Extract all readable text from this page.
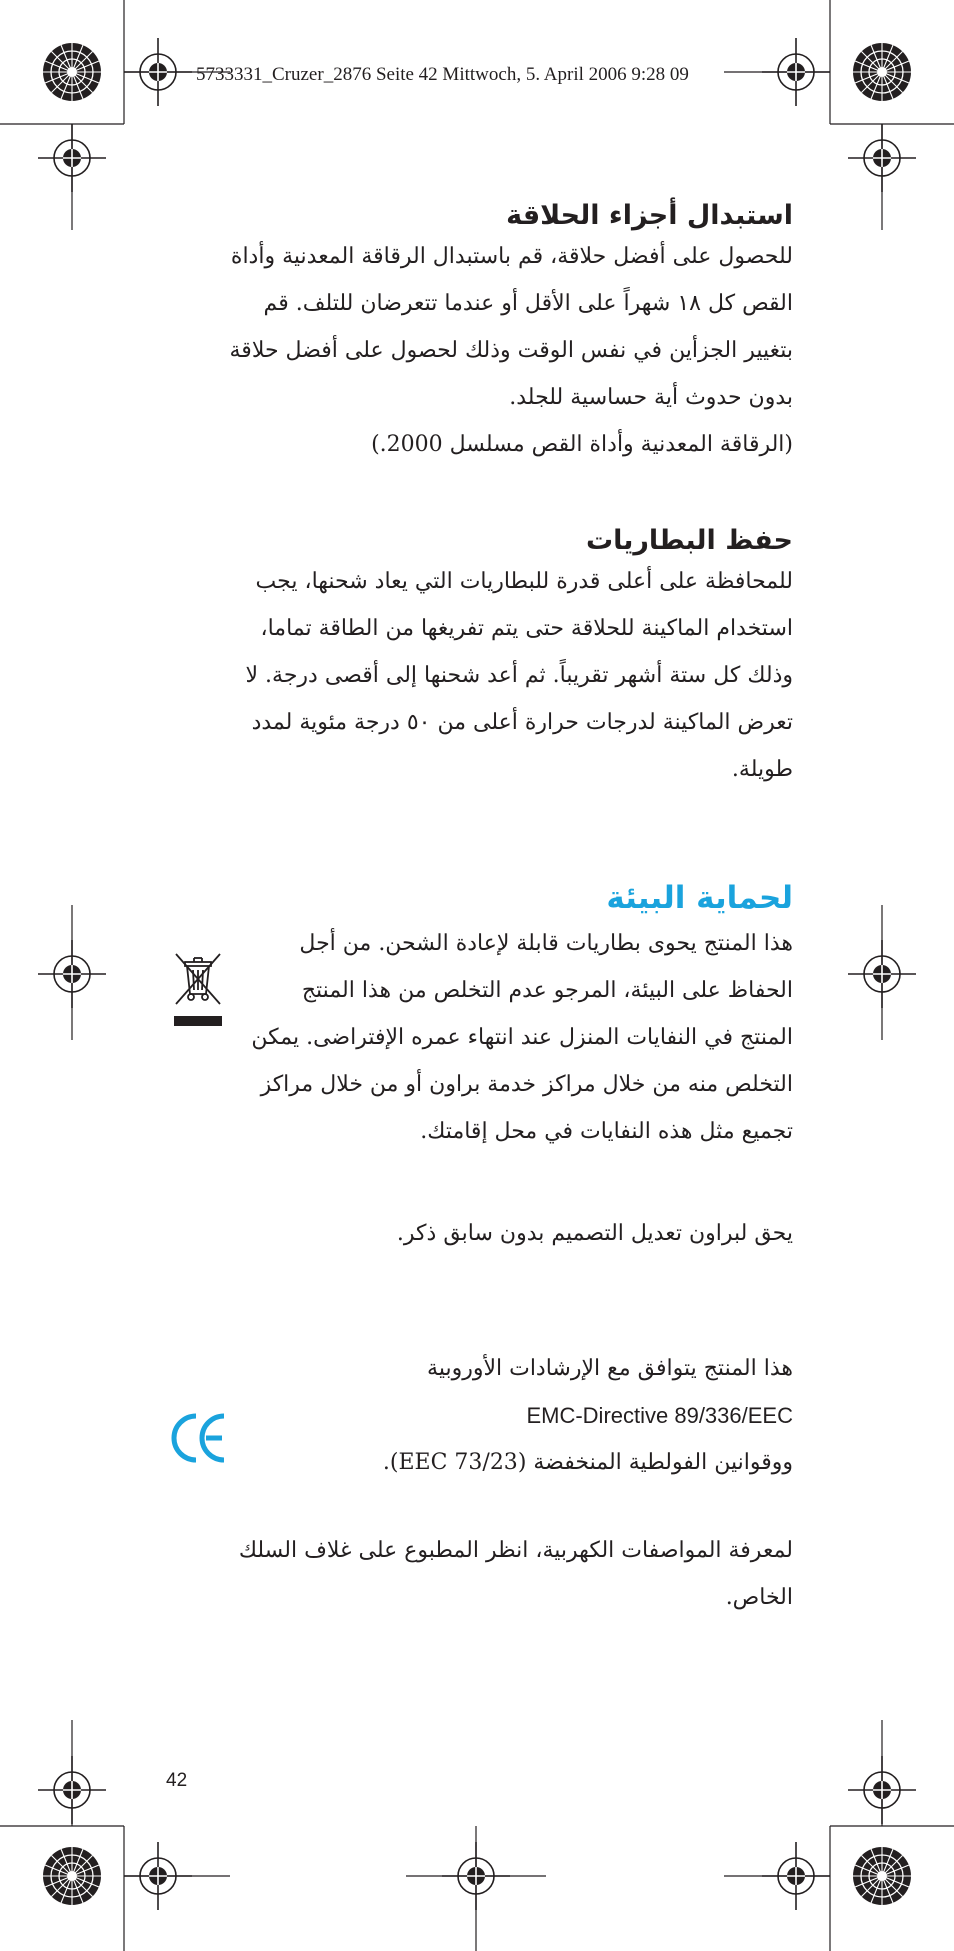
5733331_Cruzer_2876 Seite 42 Mittwoch, 5. April 2006 9:28 09
استبدال أجزاء الحلاقة

للحصول على أفضل حلاقة، قم باستبدال الرقاقة المعدنية وأداة

القص كل ١٨ شهراً على الأقل أو عندما تتعرضان للتلف. قم

بتغيير الجزأين في نفس الوقت وذلك لحصول على أفضل حلاقة

بدون حدوث أية حساسية للجلد.

(الرقاقة المعدنية وأداة القص مسلسل 2000.)

حفظ البطاريات

للمحافظة على أعلى قدرة للبطاريات التي يعاد شحنها، يجب

استخدام الماكينة للحلاقة حتى يتم تفريغها من الطاقة تماما،

وذلك كل ستة أشهر تقريباً. ثم أعد شحنها إلى أقصى درجة. لا

تعرض الماكينة لدرجات حرارة أعلى من ٥٠ درجة مئوية لمدد

طويلة.

لحماية البيئة

هذا المنتج يحوى بطاريات قابلة لإعادة الشحن. من أجل

الحفاظ على البيئة، المرجو عدم التخلص من هذا المنتج

المنتج في النفايات المنزل عند انتهاء عمره الإفتراضى. يمكن

التخلص منه من خلال مراكز خدمة براون أو من خلال مراكز

تجميع مثل هذه النفايات في محل إقامتك.

يحق لبراون تعديل التصميم بدون سابق ذكر.

هذا المنتج يتوافق مع الإرشادات الأوروبية

EMC-Directive 89/336/EEC

ووقوانين الفولطية المنخفضة (73/23 EEC).

لمعرفة المواصفات الكهربية، انظر المطبوع على غلاف السلك

الخاص.

42
